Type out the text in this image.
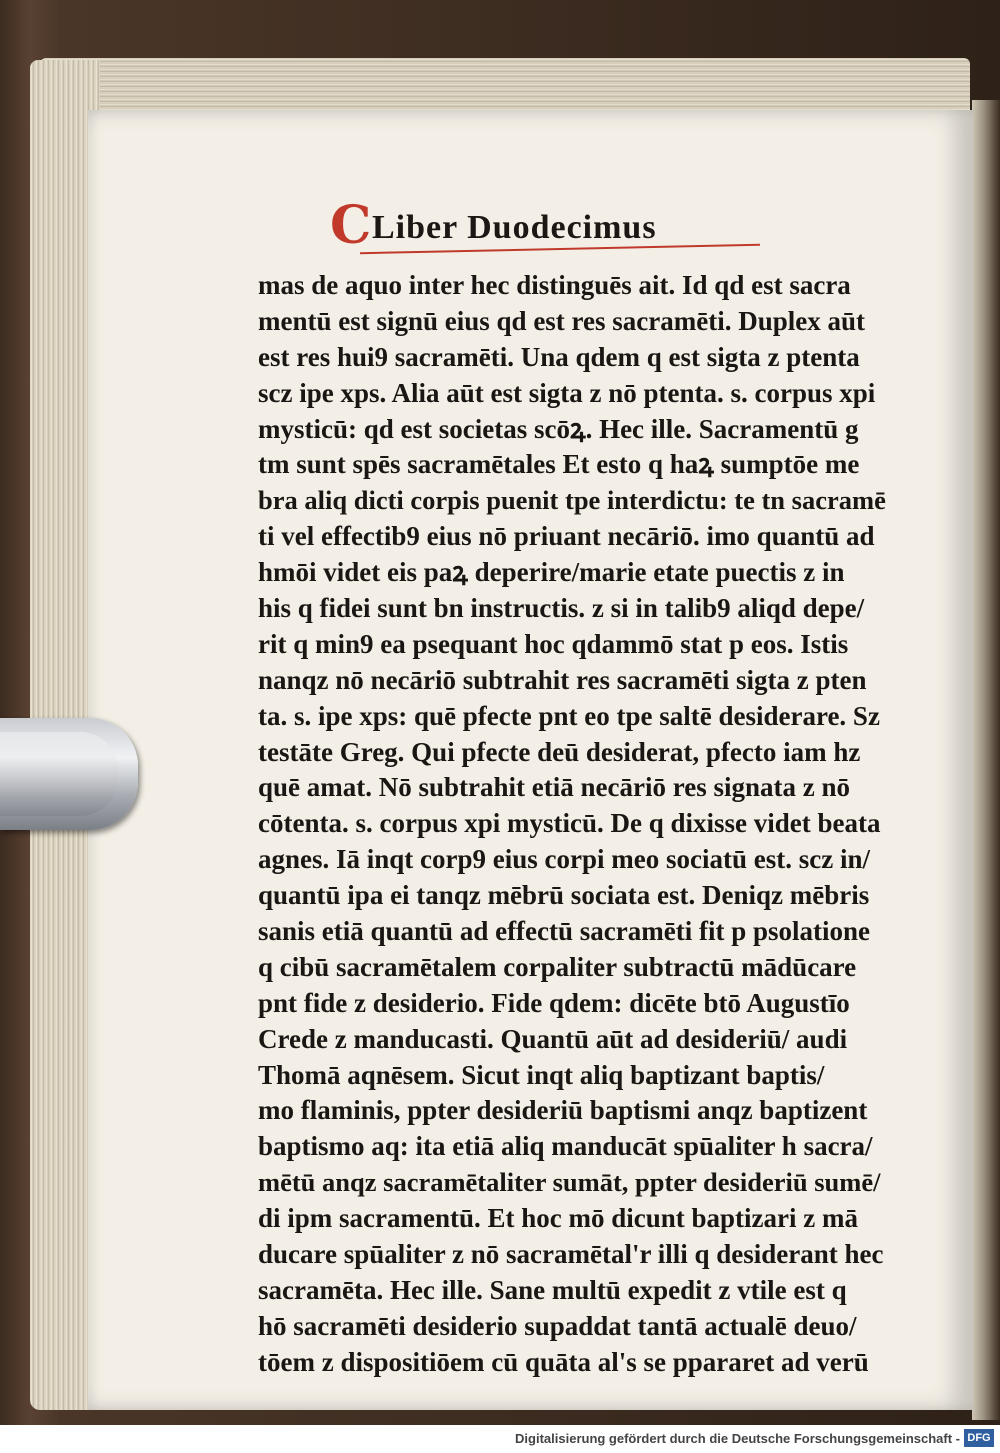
C Liber Duodecimus
mas de aquo inter hec distinguēs ait. Id qd est sacra
mentū est signū eius qd est res sacramēti. Duplex aūt
est res hui9 sacramēti. Una qdem q est sigta z ptenta
scz ipe xps. Alia aūt est sigta z nō ptenta. s. corpus xpi
mysticū: qd est societas scōꝝ. Hec ille. Sacramentū g
tm sunt spēs sacramētales Et esto q haꝝ sumptōe me
bra aliq dicti corpis puenit tpe interdictu: te tn sacramē
ti vel effectib9 eius nō priuant necāriō. imo quantū ad
hmōi videt eis paꝝ deperire/marie etate puectis z in
his q fidei sunt bn instructis. z si in talib9 aliqd depe/
rit q min9 ea psequant hoc qdammō stat p eos. Istis
nanqz nō necāriō subtrahit res sacramēti sigta z pten
ta. s. ipe xps: quē pfecte pnt eo tpe saltē desiderare. Sz
testāte Greg. Qui pfecte deū desiderat, pfecto iam hz
quē amat. Nō subtrahit etiā necāriō res signata z nō
cōtenta. s. corpus xpi mysticū. De q dixisse videt beata
agnes. Iā inqt corp9 eius corpi meo sociatū est. scz in/
quantū ipa ei tanqz mēbrū sociata est. Deniqz mēbris
sanis etiā quantū ad effectū sacramēti fit p psolatione
q cibū sacramētalem corpaliter subtractū mādūcare
pnt fide z desiderio. Fide qdem: dicēte btō Augustīo
Crede z manducasti. Quantū aūt ad desideriū/ audi
Thomā aqnēsem. Sicut inqt aliq baptizant baptis/
mo flaminis, ppter desideriū baptismi anqz baptizent
baptismo aq: ita etiā aliq manducāt spūaliter h sacra/
mētū anqz sacramētaliter sumāt, ppter desideriū sumē/
di ipm sacramentū. Et hoc mō dicunt baptizari z mā
ducare spūaliter z nō sacramētal'r illi q desiderant hec
sacramēta. Hec ille. Sane multū expedit z vtile est q
hō sacramēti desiderio supaddat tantā actualē deuo/
tōem z dispositiōem cū quāta al's se ppararet ad verū
Digitalisierung gefördert durch die Deutsche Forschungsgemeinschaft - DFG
